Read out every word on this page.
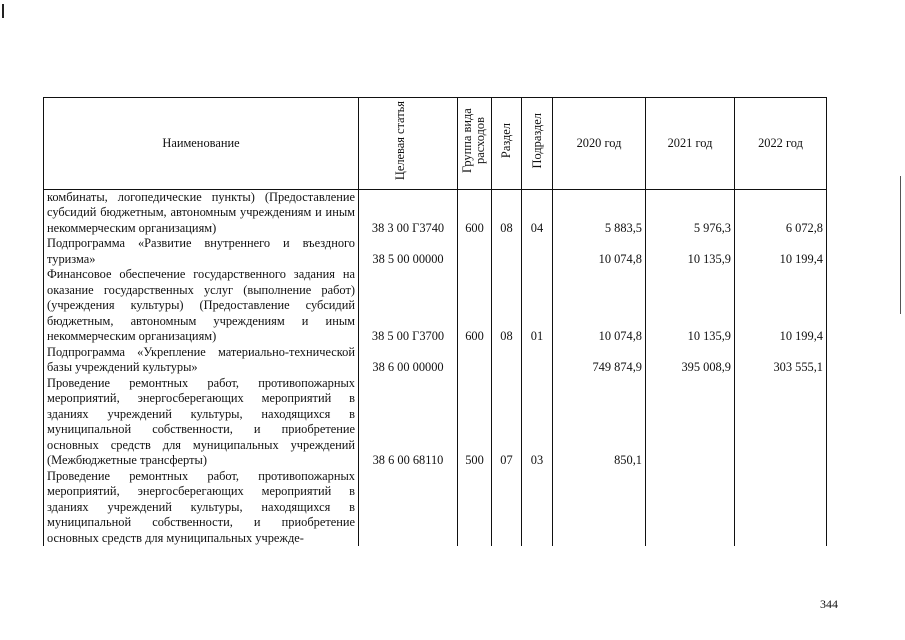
Наименование	Целевая статья	Группа вида расходов	Раздел	Подраздел	2020 год	2021 год	2022 год
комбинаты, логопедические пункты) (Предоставление субсидий бюджетным, автономным учреждениям и иным некоммерческим организациям)	38 3 00 Г3740	600	08	04	5 883,5	5 976,3	6 072,8
Подпрограмма «Развитие внутреннего и въездного туризма»	38 5 00 00000				10 074,8	10 135,9	10 199,4
Финансовое обеспечение государственного задания на оказание государственных услуг (выполнение работ) (учреждения культуры) (Предоставление субсидий бюджетным, автономным учреждениям и иным некоммерческим организациям)	38 5 00 Г3700	600	08	01	10 074,8	10 135,9	10 199,4
Подпрограмма «Укрепление материально-технической базы учреждений культуры»	38 6 00 00000				749 874,9	395 008,9	303 555,1
Проведение ремонтных работ, противопожарных мероприятий, энергосберегающих мероприятий в зданиях учреждений культуры, находящихся в муниципальной собственности, и приобретение основных средств для муниципальных учреждений (Межбюджетные трансферты)	38 6 00 68110	500	07	03	850,1		
Проведение ремонтных работ, противопожарных мероприятий, энергосберегающих мероприятий в зданиях учреждений культуры, находящихся в муниципальной собственности, и приобретение основных средств для муниципальных учрежде-							
344
